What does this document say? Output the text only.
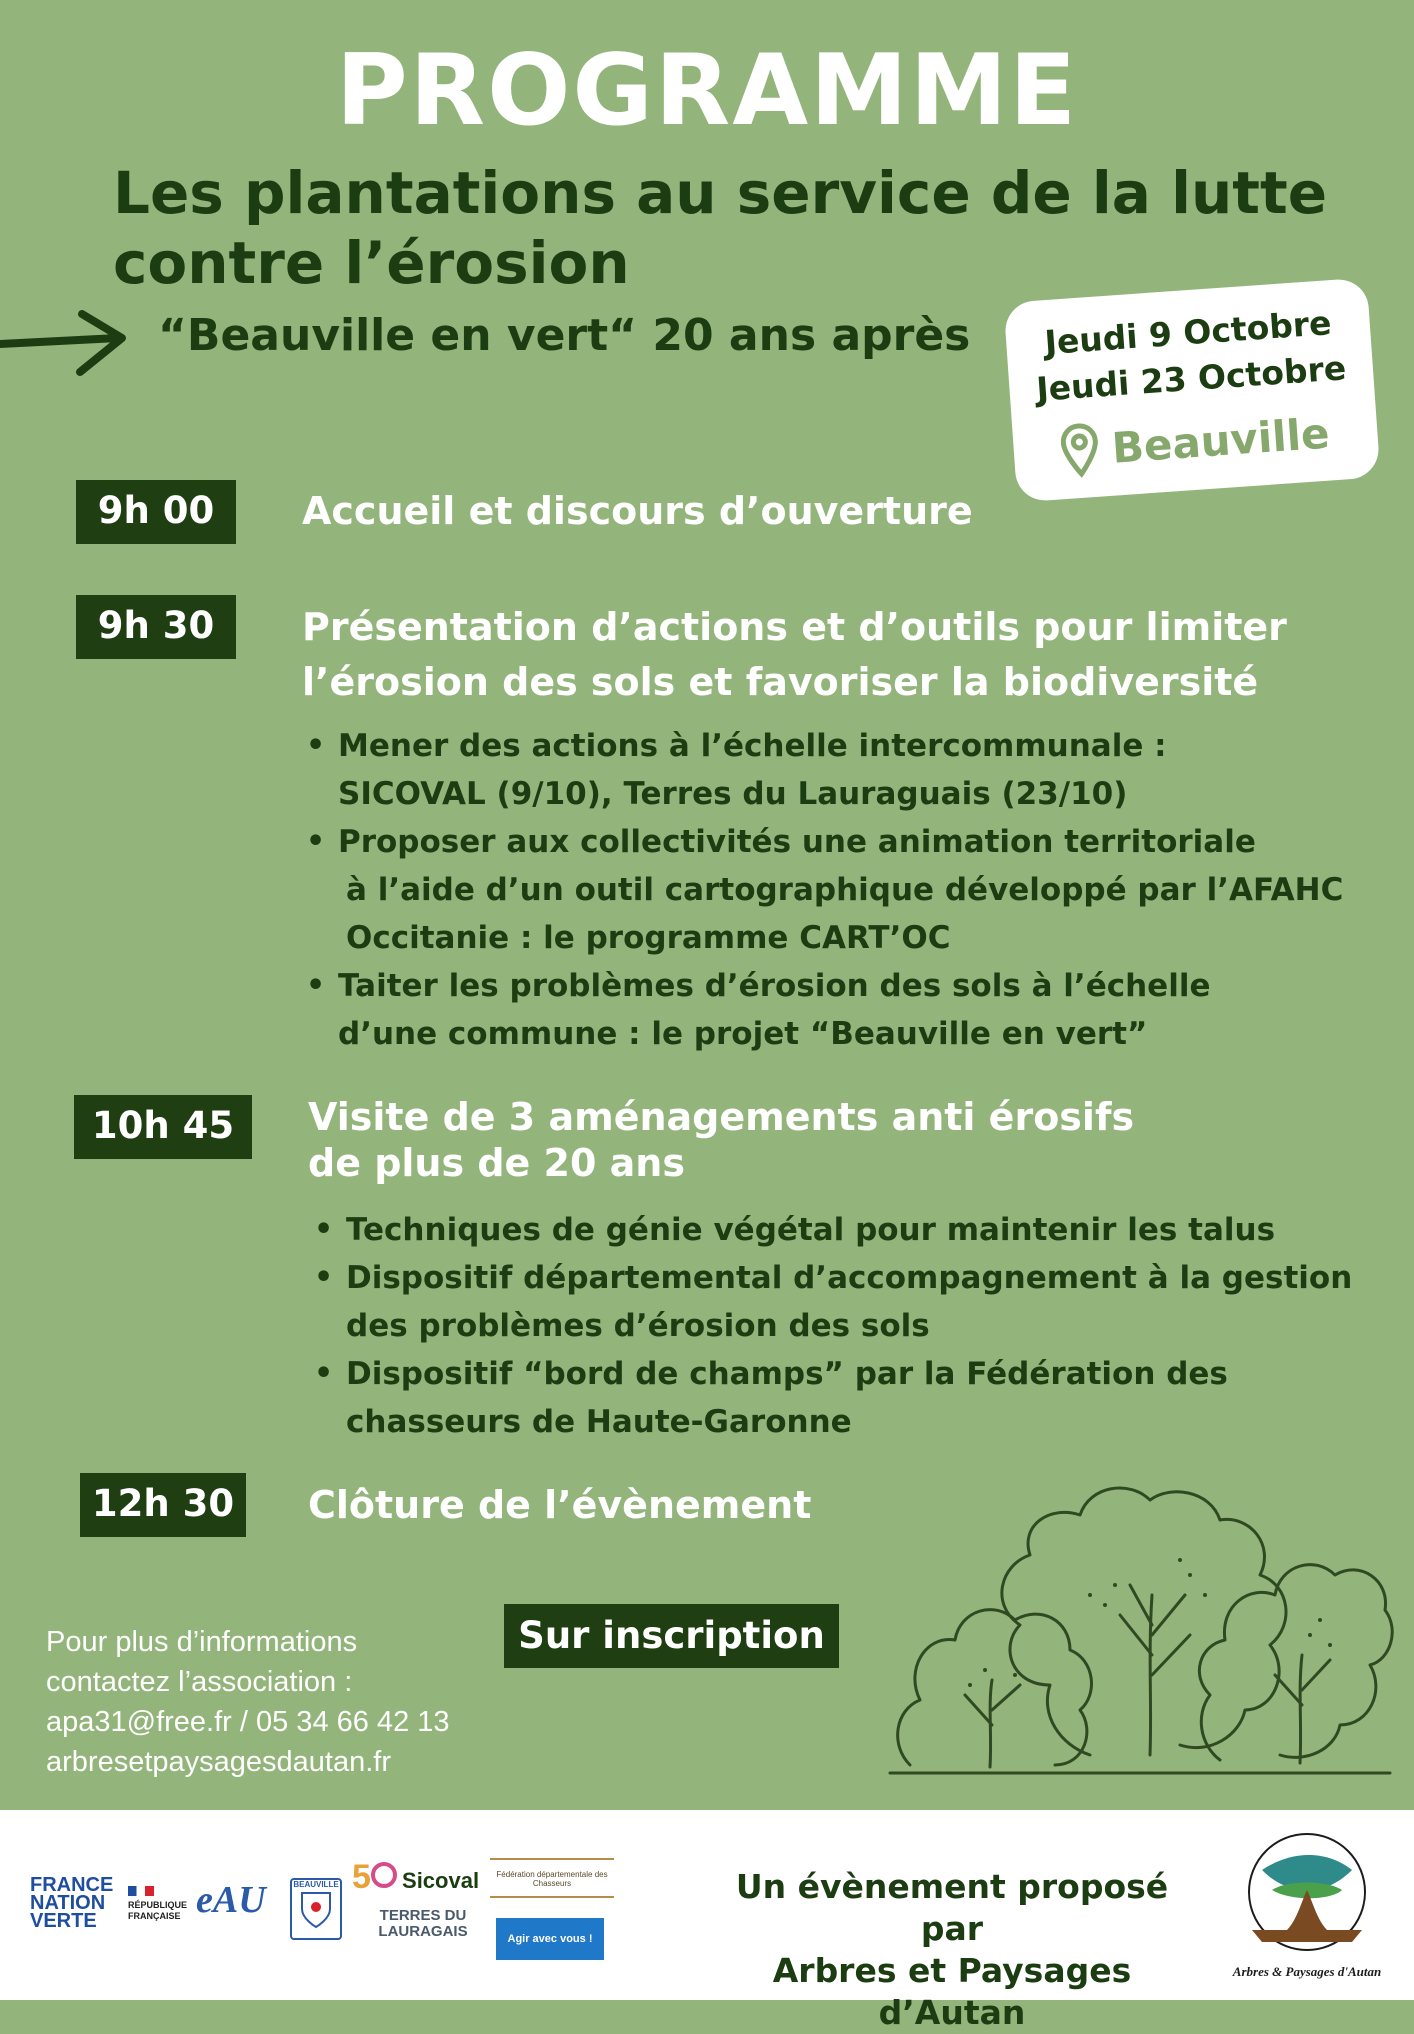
PROGRAMME
Les plantations au service de la lutte
contre l’érosion
“Beauville en vert“ 20 ans après	Jeudi 9 Octobre
Jeudi 23 Octobre
Beauville
9h 00	Accueil et discours d’ouverture
9h 30	Présentation d’actions et d’outils pour limiter
l’érosion des sols et favoriser la biodiversité
• Mener des actions à l’échelle intercommunale :
SICOVAL (9/10), Terres du Lauraguais (23/10)
• Proposer aux collectivités une animation territoriale
à l’aide d’un outil cartographique développé par l’AFAHC
Occitanie : le programme CART’OC
• Taiter les problèmes d’érosion des sols à l’échelle
d’une commune : le projet “Beauville en vert”
10h 45	Visite de 3 aménagements anti érosifs
de plus de 20 ans
• Techniques de génie végétal pour maintenir les talus
• Dispositif départemental d’accompagnement à la gestion
des problèmes d’érosion des sols
• Dispositif “bord de champs” par la Fédération des
chasseurs de Haute-Garonne
12h 30	Clôture de l’évènement
Pour plus d’informations
contactez l’association :
apa31@free.fr / 05 34 66 42 13
arbresetpaysagesdautan.fr
Sur inscription
FRANCE NATION VERTE
RÉPUBLIQUE FRANÇAISE eAU	BEAUVILLE 5 Sicoval
TERRES DU LAURAGAIS
Fédération départementale des Chasseurs
Agir avec vous !
Un évènement proposé par
Arbres et Paysages d’Autan
Arbres & Paysages d'Autan
